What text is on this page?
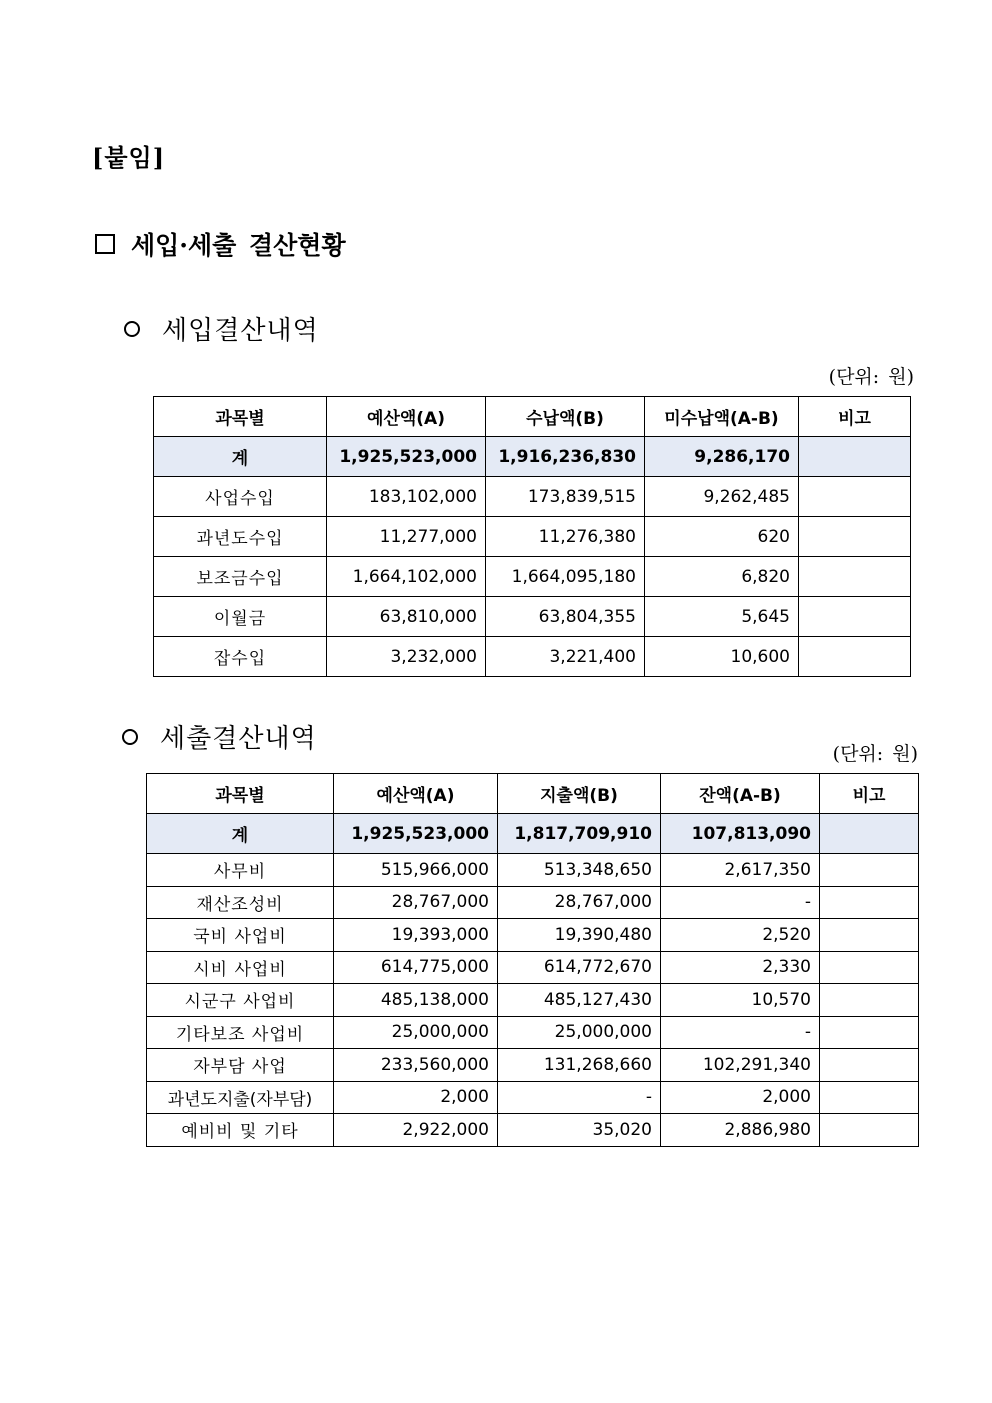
[붙임]
세입·세출 결산현황
세입결산내역
(단위: 원)
과목별	예산액(A)	수납액(B)	미수납액(A-B)	비고
계	1,925,523,000	1,916,236,830	9,286,170	
사업수입	183,102,000	173,839,515	9,262,485	
과년도수입	11,277,000	11,276,380	620	
보조금수입	1,664,102,000	1,664,095,180	6,820	
이월금	63,810,000	63,804,355	5,645	
잡수입	3,232,000	3,221,400	10,600	
세출결산내역	(단위: 원)
과목별	예산액(A)	지출액(B)	잔액(A-B)	비고
계	1,925,523,000	1,817,709,910	107,813,090	
사무비	515,966,000	513,348,650	2,617,350	
재산조성비	28,767,000	28,767,000	-	
국비 사업비	19,393,000	19,390,480	2,520	
시비 사업비	614,775,000	614,772,670	2,330	
시군구 사업비	485,138,000	485,127,430	10,570	
기타보조 사업비	25,000,000	25,000,000	-	
자부담 사업	233,560,000	131,268,660	102,291,340	
과년도지출(자부담)	2,000	-	2,000	
예비비 및 기타	2,922,000	35,020	2,886,980	
